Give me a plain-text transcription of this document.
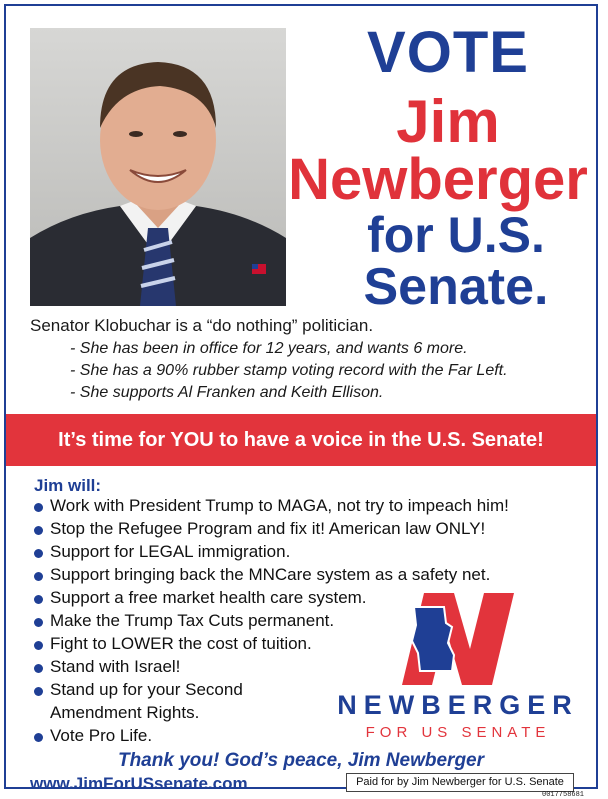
VOTE
Jim
Newberger
for U.S.
Senate.

Senator Klobuchar is a “do nothing” politician.

- She has been in office for 12 years, and wants 6 more.

- She has a 90% rubber stamp voting record with the Far Left.

- She supports Al Franken and Keith Ellison.

It’s time for YOU to have a voice in the U.S. Senate!
Jim will:
Work with President Trump to MAGA, not try to impeach him!
Stop the Refugee Program and fix it! American law ONLY!
Support for LEGAL immigration.
Support bringing back the MNCare system as a safety net.
Support a free market health care system.
Make the Trump Tax Cuts permanent.
Fight to LOWER the cost of tuition.
Stand with Israel!
Stand up for your Second
Amendment Rights.
Vote Pro Life.
NEWBERGER
FOR US SENATE
Thank you! God’s peace, Jim Newberger
www.JimForUSsenate.com	Paid for by Jim Newberger for U.S. Senate
0017758681
